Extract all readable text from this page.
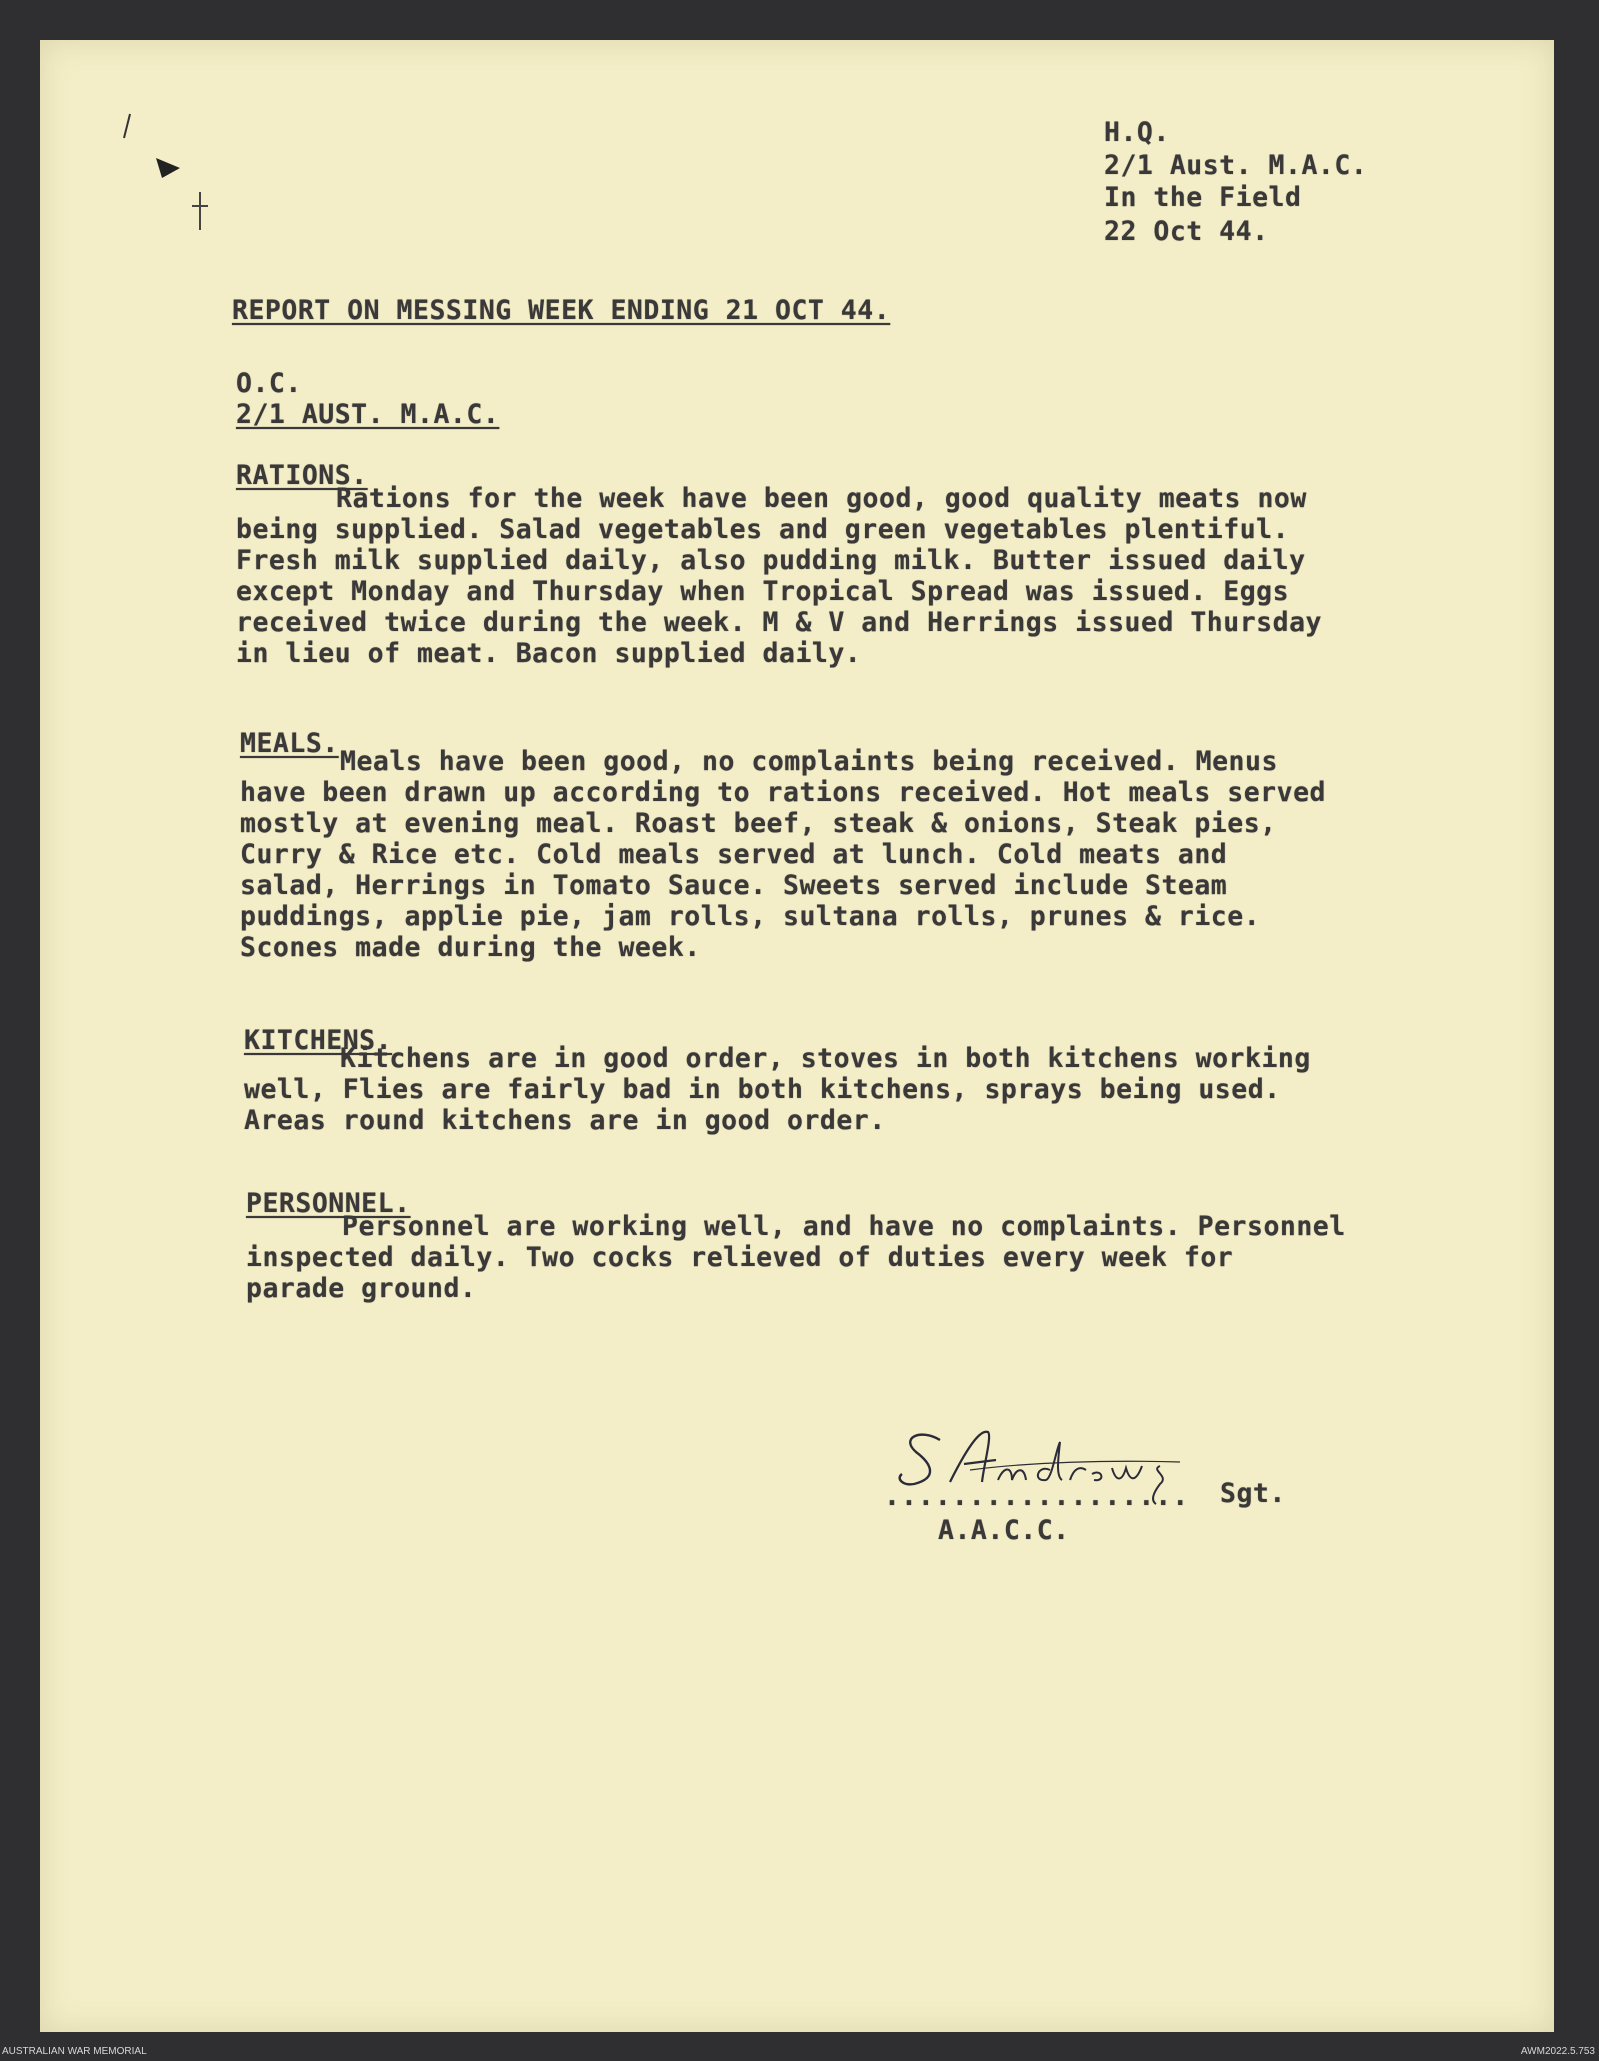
H.Q.
2/1 Aust. M.A.C.
In the Field
22 Oct 44.
REPORT ON MESSING WEEK ENDING 21 OCT 44.
O.C.
2/1 AUST. M.A.C.
RATIONS.
Rations for the week have been good, good quality meats now
being supplied. Salad vegetables and green vegetables plentiful.
Fresh milk supplied daily, also pudding milk. Butter issued daily
except Monday and Thursday when Tropical Spread was issued. Eggs
received twice during the week. M & V and Herrings issued Thursday
in lieu of meat. Bacon supplied daily.
MEALS.
Meals have been good, no complaints being received. Menus
have been drawn up according to rations received. Hot meals served
mostly at evening meal. Roast beef, steak & onions, Steak pies,
Curry & Rice etc. Cold meals served at lunch. Cold meats and
salad, Herrings in Tomato Sauce. Sweets served include Steam
puddings, applie pie, jam rolls, sultana rolls, prunes & rice.
Scones made during the week.
KITCHENS.
Kitchens are in good order, stoves in both kitchens working
well, Flies are fairly bad in both kitchens, sprays being used.
Areas round kitchens are in good order.
PERSONNEL.
Personnel are working well, and have no complaints. Personnel
inspected daily. Two cocks relieved of duties every week for
parade ground.
.................. Sgt.
A.A.C.C.
AUSTRALIAN WAR MEMORIAL	AWM2022.5.753
